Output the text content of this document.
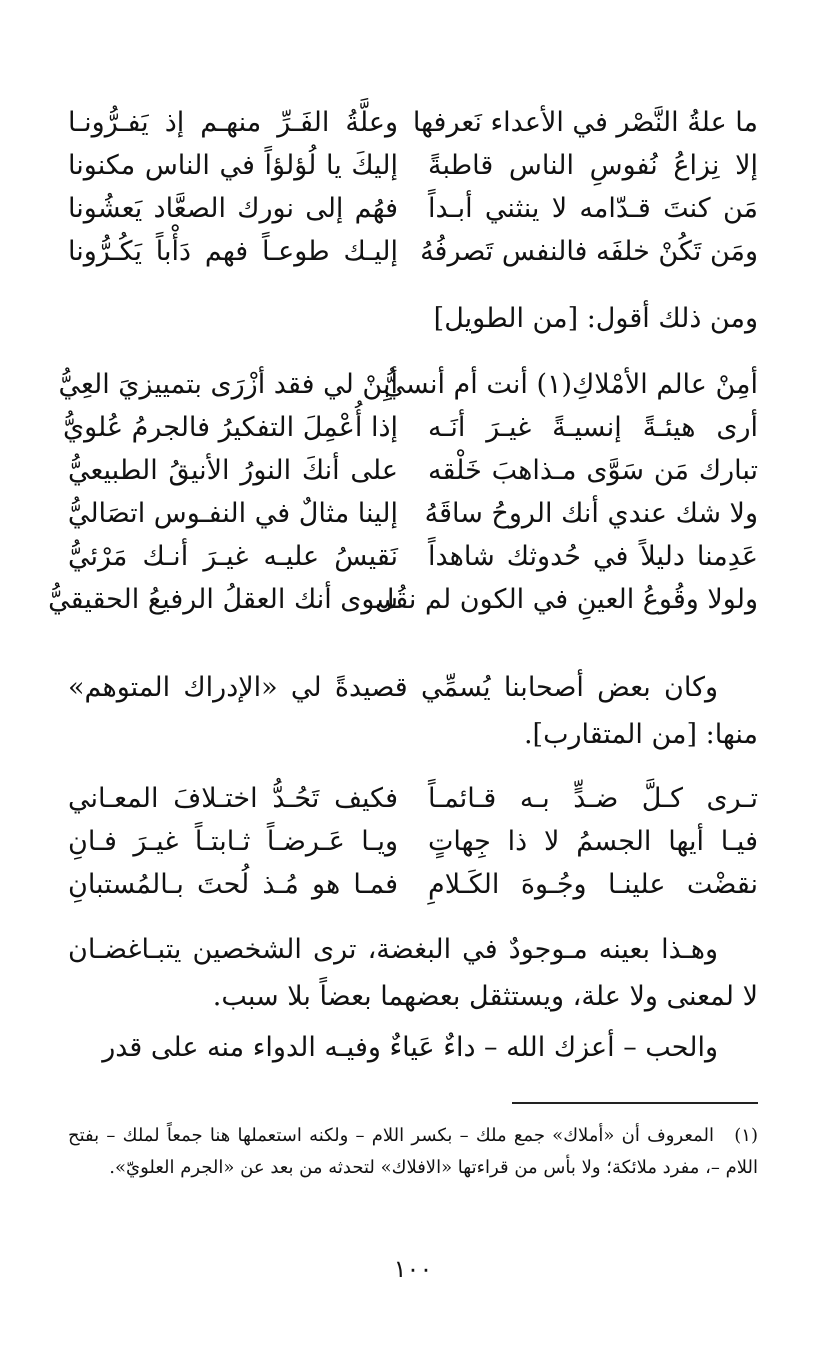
ما علةُ النَّصْر في الأعداء نَعرفها
وعلَّةُ الفَـرِّ منهـم إذ يَفـرُّونـا
إلا نِزاعُ نُفوسِ الناس قاطبةً
إليكَ يا لُؤلؤاً في الناس مكنونا
مَن كنتَ قـدّامه لا ينثني أبـداً
فهُم إلى نورك الصعَّاد يَعشُونا
ومَن تَكُنْ خلفَه فالنفس تَصرفُهُ
إليـك طوعـاً فهم دَأْباً يَكُـرُّونا

ومن ذلك أقول: [من الطويل]

أمِنْ عالم الأمْلاكِ(١) أنت أم أنسيُّ
أبِنْ لي فقد أزْرَى بتمييزيَ العِيُّ
أرى هيئـةً إنسيـةً غيـرَ أنَـه
إذا أُعْمِلَ التفكيرُ فالجرمُ عُلويُّ
تبارك مَن سَوَّى مـذاهبَ خَلْقه
على أنكَ النورُ الأنيقُ الطبيعيُّ
ولا شك عندي أنك الروحُ ساقَهُ
إلينا مثالٌ في النفـوس اتصَاليُّ
عَدِمنا دليلاً في حُدوثك شاهداً
نَقيسُ عليـه غيـرَ أنـك مَرْئيُّ
ولولا وقُوعُ العينِ في الكون لم نقُل
سوى أنك العقلُ الرفيعُ الحقيقيُّ

وكان بعض أصحابنا يُسمِّي قصيدةً لي «الإدراك المتوهم» منها: [من المتقارب].

تـرى كـلَّ ضـدٍّ بـه قـائمـاً
فكيف تَحُـدُّ اختـلافَ المعـاني
فيـا أيها الجسمُ لا ذا جِهاتٍ
ويـا عَـرضـاً ثـابتـاً غيـرَ فـانِ
نقضْت علينـا وجُـوهَ الكَـلامِ
فمـا هو مُـذ لُحتَ بـالمُستبانِ

وهـذا بعينه مـوجودٌ في البغضة، ترى الشخصين يتبـاغضـان لا لمعنى ولا علة، ويستثقل بعضهما بعضاً بلا سبب.

والحب – أعزك الله – داءٌ عَياءٌ وفيـه الدواء منه على قدر

(١)المعروف أن «أملاك» جمع ملك – بكسر اللام – ولكنه استعملها هنا جمعاً لملك – بفتح اللام –، مفرد ملائكة؛ ولا بأس من قراءتها «الافلاك» لتحدثه من بعد عن «الجرم العلويّ».
١٠٠
